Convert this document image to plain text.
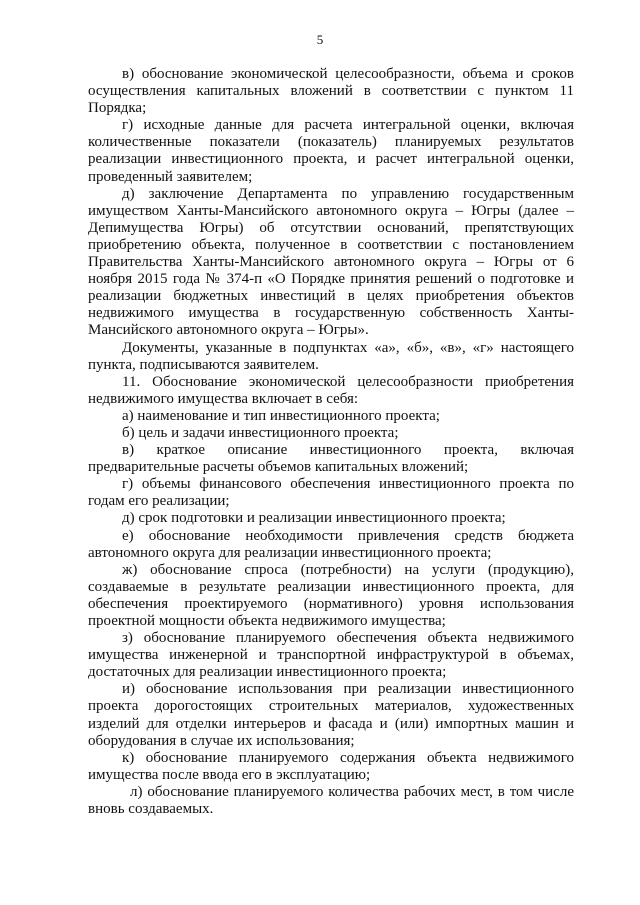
5

в) обоснование экономической целесообразности, объема и сроков осуществления капитальных вложений в соответствии с пунктом 11 Порядка;

г) исходные данные для расчета интегральной оценки, включая количественные показатели (показатель) планируемых результатов реализации инвестиционного проекта, и расчет интегральной оценки, проведенный заявителем;

д) заключение Департамента по управлению государственным имуществом Ханты-Мансийского автономного округа – Югры (далее – Депимущества Югры) об отсутствии оснований, препятствующих приобретению объекта, полученное в соответствии с постановлением Правительства Ханты-Мансийского автономного округа – Югры от 6 ноября 2015 года № 374-п «О Порядке принятия решений о подготовке и реализации бюджетных инвестиций в целях приобретения объектов недвижимого имущества в государственную собственность Ханты-Мансийского автономного округа – Югры».

Документы, указанные в подпунктах «а», «б», «в», «г» настоящего пункта, подписываются заявителем.

11. Обоснование экономической целесообразности приобретения недвижимого имущества включает в себя:

а) наименование и тип инвестиционного проекта;

б) цель и задачи инвестиционного проекта;

в) краткое описание инвестиционного проекта, включая предварительные расчеты объемов капитальных вложений;

г) объемы финансового обеспечения инвестиционного проекта по годам его реализации;

д) срок подготовки и реализации инвестиционного проекта;

е) обоснование необходимости привлечения средств бюджета автономного округа для реализации инвестиционного проекта;

ж) обоснование спроса (потребности) на услуги (продукцию), создаваемые в результате реализации инвестиционного проекта, для обеспечения проектируемого (нормативного) уровня использования проектной мощности объекта недвижимого имущества;

з) обоснование планируемого обеспечения объекта недвижимого имущества инженерной и транспортной инфраструктурой в объемах, достаточных для реализации инвестиционного проекта;

и) обоснование использования при реализации инвестиционного проекта дорогостоящих строительных материалов, художественных изделий для отделки интерьеров и фасада и (или) импортных машин и оборудования в случае их использования;

к) обоснование планируемого содержания объекта недвижимого имущества после ввода его в эксплуатацию;

л) обоснование планируемого количества рабочих мест, в том числе вновь создаваемых.
